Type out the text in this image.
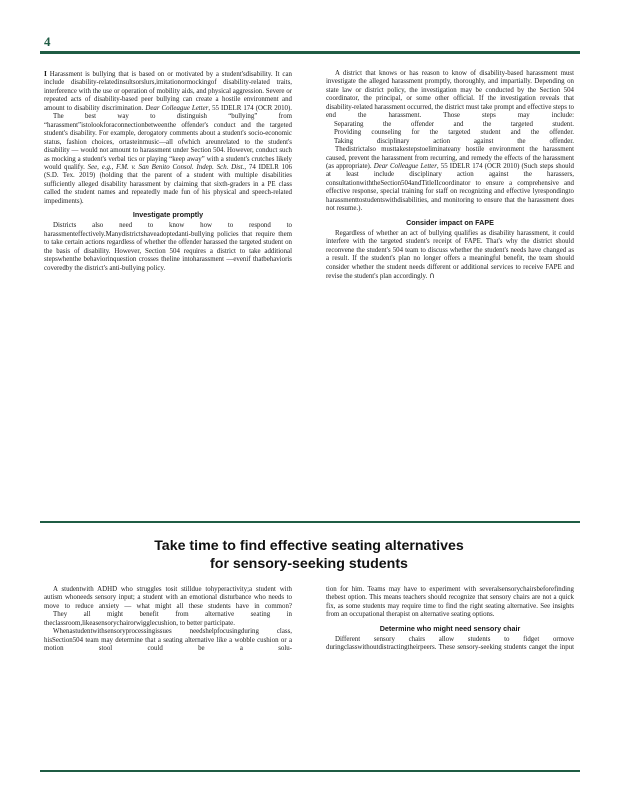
4

I Harassment is bullying that is based on or motivated by a student'sdisability. It can include disability-relatedinsultsorslurs,imitationormockingof disability-related traits, interference with the use or operation of mobility aids, and physical aggression. Severe or repeated acts of disability-based peer bullying can create a hostile environment and amount to disability discrimination. Dear Colleague Letter, 55 IDELR 174 (OCR 2010).

The best way to distinguish “bullying” from “harassment”istolookforaconnectionbetweenthe offender's conduct and the targeted student's disability. For example, derogatory comments about a student's socio-economic status, fashion choices, ortasteinmusic—all ofwhich areunrelated to the student's disability — would not amount to harassment under Section 504. However, conduct such as mocking a student's verbal tics or playing “keep away” with a student's crutches likely would qualify. See, e.g., F.M. v. San Benito Consol. Indep. Sch. Dist., 74 IDELR 106 (S.D. Tex. 2019) (holding that the parent of a student with multiple disabilities sufficiently alleged disability harassment by claiming that sixth-graders in a PE class called the student names and repeatedly made fun of his physical and speech-related impediments).

Investigate promptly

Districts also need to know how to respond to harassmenteffectively.Manydistrictshaveadoptedanti-bullying policies that require them to take certain actions regardless of whether the offender harassed the targeted student on the basis of disability. However, Section 504 requires a district to take additional stepswhenthe behaviorinquestion crosses theline intoharassment —evenif thatbehavioris coveredby the district's anti-bullying policy.

A district that knows or has reason to know of disability-based harassment must investigate the alleged harassment promptly, thoroughly, and impartially. Depending on state law or district policy, the investigation may be conducted by the Section 504 coordinator, the principal, or some other official. If the investigation reveals that disability-related harassment occurred, the district must take prompt and effective steps to end the harassment. Those steps may include:

Separating the offender and the targeted student.

Providing counseling for the targeted student and the offender.

Taking disciplinary action against the offender.

Thedistrictalso musttakestepstoeliminateany hostile environment the harassment caused, prevent the harassment from recurring, and remedy the effects of the harassment (as appropriate). Dear Colleague Letter, 55 IDELR 174 (OCR 2010) (Such steps should at least include disciplinary action against the harassers, consultationwiththeSection504andTitleIIcoordinator to ensure a comprehensive and effective response, special training for staff on recognizing and effective lyrespondingto harassmenttostudentswithdisabilities, and monitoring to ensure that the harassment does not resume.).

Consider impact on FAPE

Regardless of whether an act of bullying qualifies as disability harassment, it could interfere with the targeted student's receipt of FAPE. That's why the district should reconvene the student's 504 team to discuss whether the student's needs have changed as a result. If the student's plan no longer offers a meaningful benefit, the team should consider whether the student needs different or additional services to receive FAPE and revise the student's plan accordingly. ∩

Take time to find effective seating alternatives
for sensory-seeking students

A studentwith ADHD who struggles tosit stilldue tohyperactivity;a student with autism whoneeds sensory input; a student with an emotional disturbance who needs to move to reduce anxiety — what might all these students have in common?

They all might benefit from alternative seating in theclassroom,likeasensorychairorwigglecushion, to better participate.

Whenastudentwithsensoryprocessingissues needshelpfocusingduring class, hisSection504 team may determine that a seating alternative like a wobble cushion or a motion stool could be a solu-

tion for him. Teams may have to experiment with severalsensorychairsbeforefinding thebest option. This means teachers should recognize that sensory chairs are not a quick fix, as some students may require time to find the right seating alternative. See insights from an occupational therapist on alternative seating options.

Determine who might need sensory chair

Different sensory chairs allow students to fidget ormove duringclasswithoutdistractingtheirpeers. These sensory-seeking students canget the input
